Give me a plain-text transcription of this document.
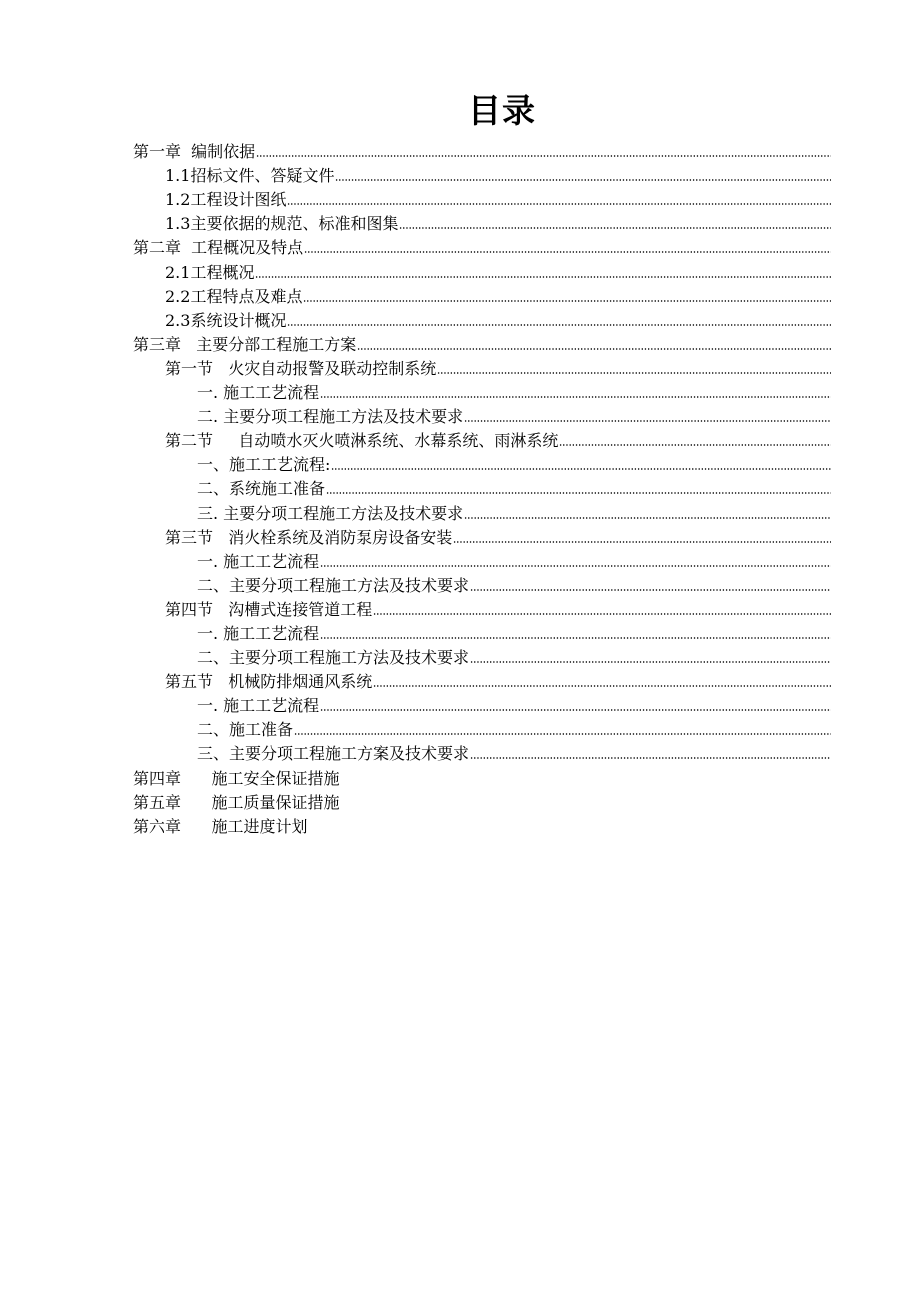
目录
第一章  编制依据
1.1招标文件、答疑文件
1.2工程设计图纸
1.3主要依据的规范、标准和图集
第二章  工程概况及特点
2.1工程概况
2.2工程特点及难点
2.3系统设计概况
第三章   主要分部工程施工方案
第一节   火灾自动报警及联动控制系统
一. 施工工艺流程
二. 主要分项工程施工方法及技术要求
第二节     自动喷水灭火喷淋系统、水幕系统、雨淋系统
一、施工工艺流程:
二、系统施工准备
三. 主要分项工程施工方法及技术要求
第三节   消火栓系统及消防泵房设备安装
一. 施工工艺流程
二、主要分项工程施工方法及技术要求
第四节   沟槽式连接管道工程
一. 施工工艺流程
二、主要分项工程施工方法及技术要求
第五节   机械防排烟通风系统
一. 施工工艺流程
二、施工准备
三、主要分项工程施工方案及技术要求
第四章      施工安全保证措施
第五章      施工质量保证措施
第六章      施工进度计划
